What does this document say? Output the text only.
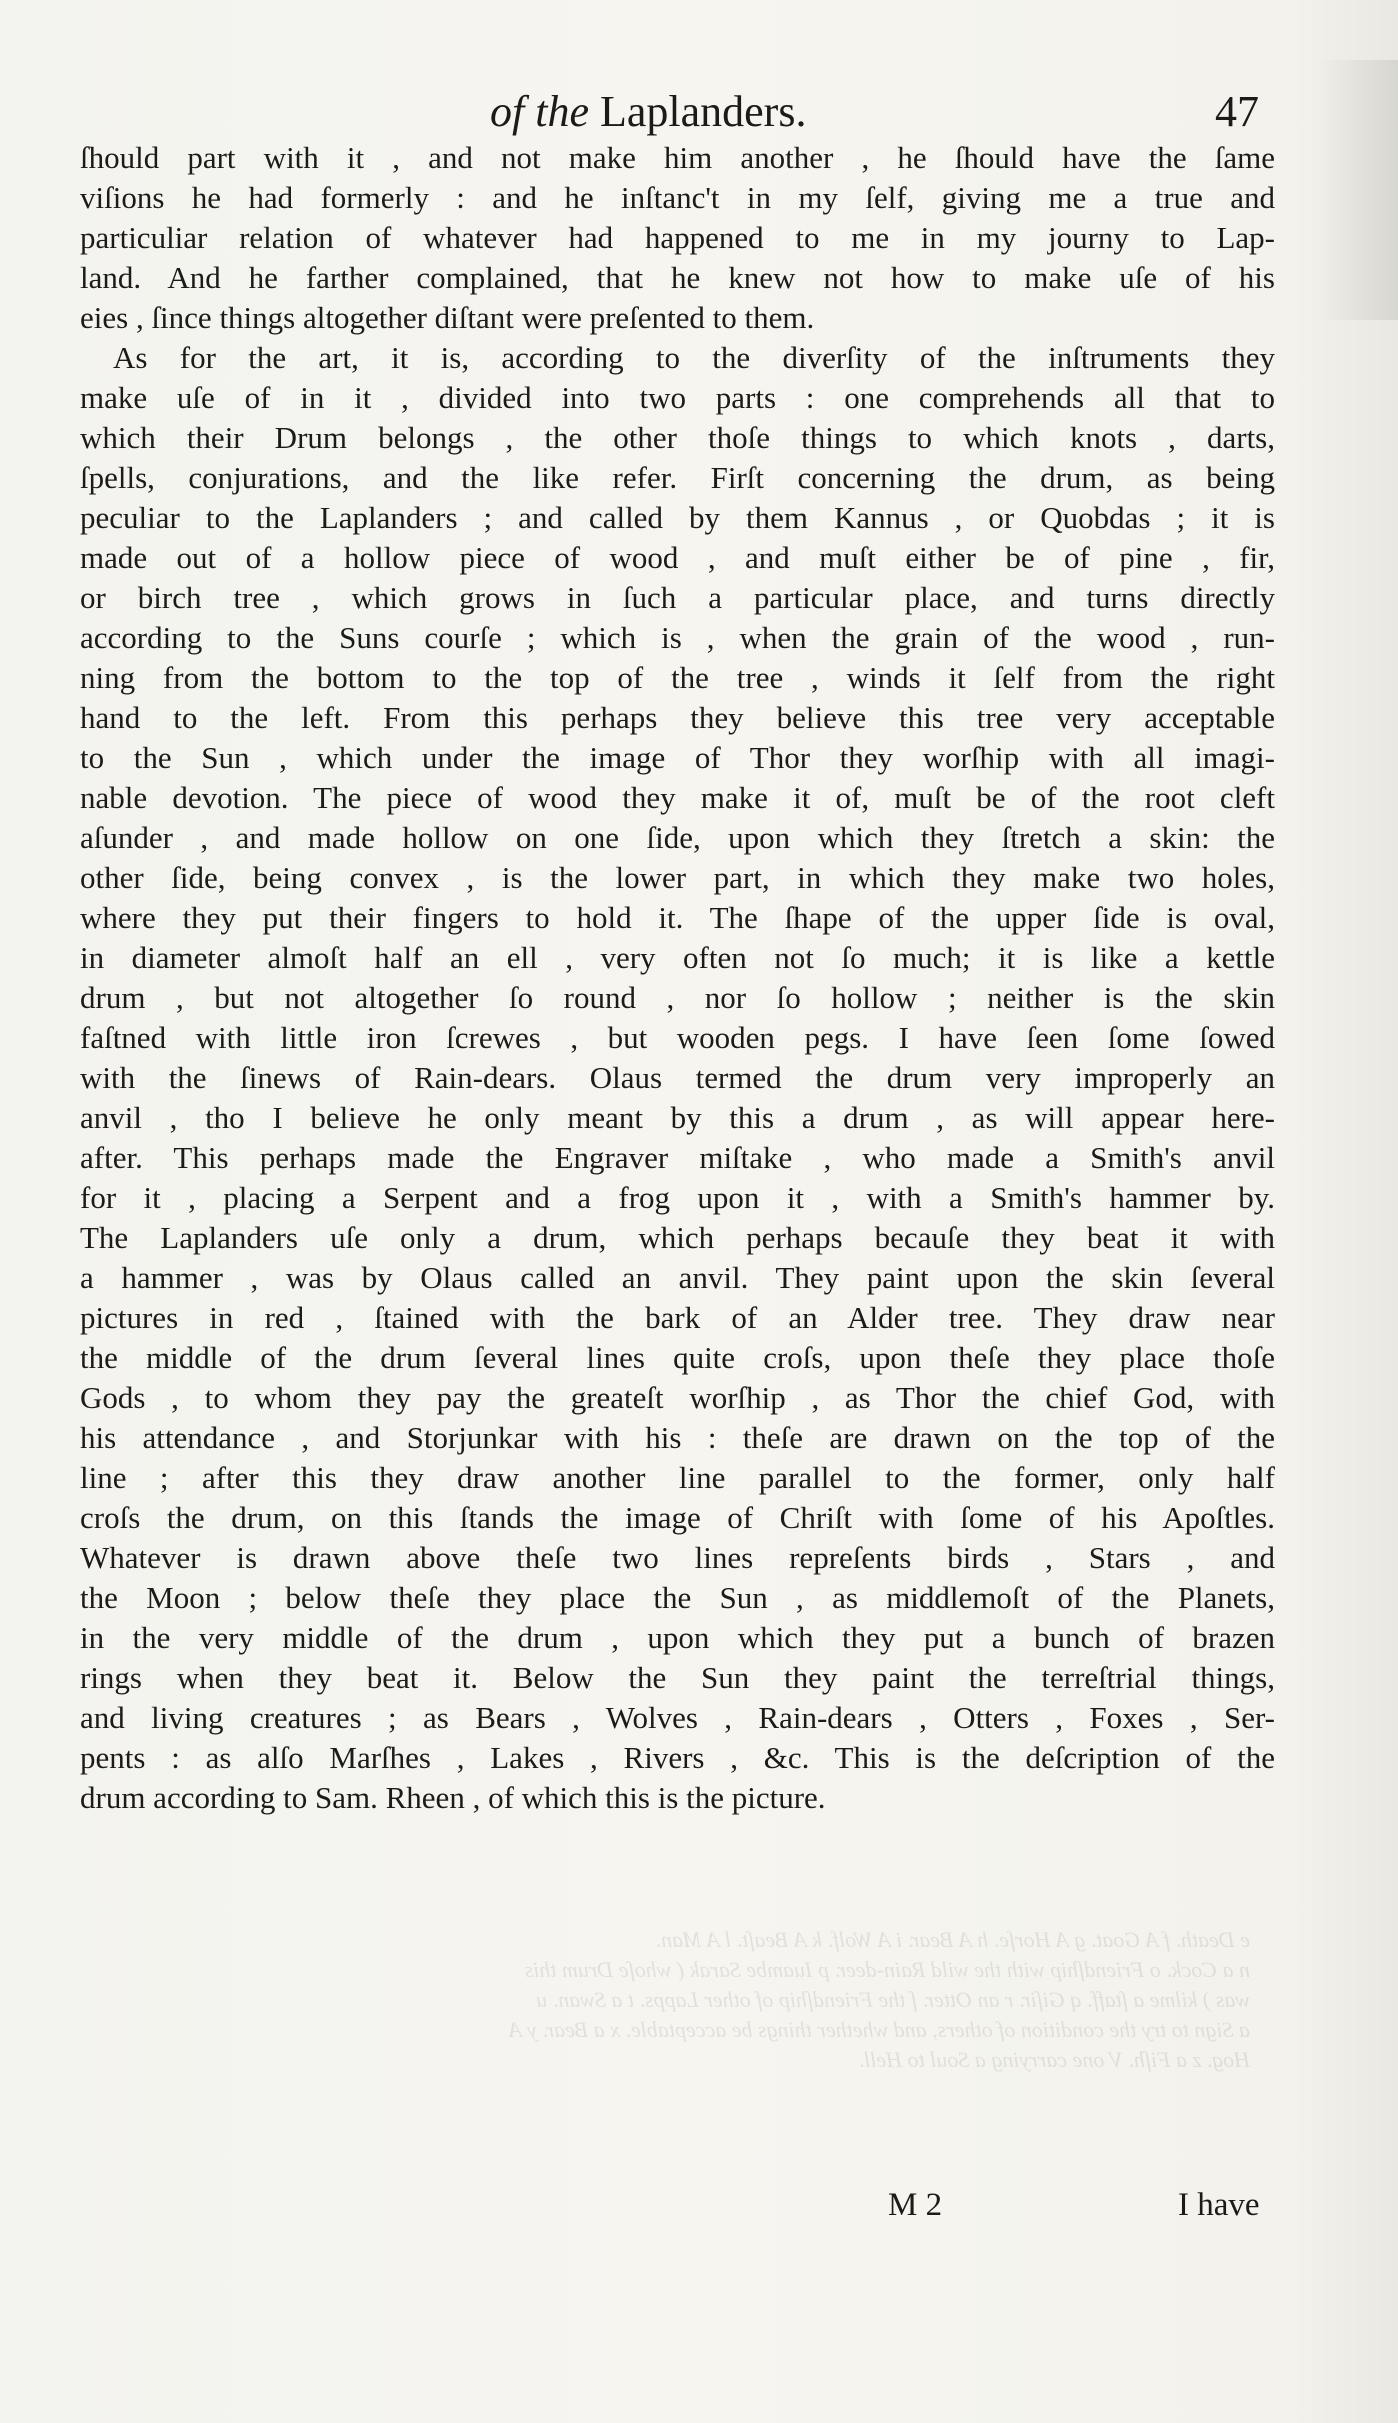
of the Laplanders.	47
ſhould part with it , and not make him another , he ſhould have the ſame
viſions he had formerly : and he inſtanc't in my ſelf, giving me a true and
particuliar relation of whatever had happened to me in my journy to Lap-
land. And he farther complained, that he knew not how to make uſe of his
eies , ſince things altogether diſtant were preſented to them.
As for the art, it is, according to the diverſity of the inſtruments they
make uſe of in it , divided into two parts : one comprehends all that to
which their Drum belongs , the other thoſe things to which knots , darts,
ſpells, conjurations, and the like refer. Firſt concerning the drum, as being
peculiar to the Laplanders ; and called by them Kannus , or Quobdas ; it is
made out of a hollow piece of wood , and muſt either be of pine , fir,
or birch tree , which grows in ſuch a particular place, and turns directly
according to the Suns courſe ; which is , when the grain of the wood , run-
ning from the bottom to the top of the tree , winds it ſelf from the right
hand to the left. From this perhaps they believe this tree very acceptable
to the Sun , which under the image of Thor they worſhip with all imagi-
nable devotion. The piece of wood they make it of, muſt be of the root cleft
aſunder , and made hollow on one ſide, upon which they ſtretch a skin: the
other ſide, being convex , is the lower part, in which they make two holes,
where they put their fingers to hold it. The ſhape of the upper ſide is oval,
in diameter almoſt half an ell , very often not ſo much; it is like a kettle
drum , but not altogether ſo round , nor ſo hollow ; neither is the skin
faſtned with little iron ſcrewes , but wooden pegs. I have ſeen ſome ſowed
with the ſinews of Rain-dears. Olaus termed the drum very improperly an
anvil , tho I believe he only meant by this a drum , as will appear here-
after. This perhaps made the Engraver miſtake , who made a Smith's anvil
for it , placing a Serpent and a frog upon it , with a Smith's hammer by.
The Laplanders uſe only a drum, which perhaps becauſe they beat it with
a hammer , was by Olaus called an anvil. They paint upon the skin ſeveral
pictures in red , ſtained with the bark of an Alder tree. They draw near
the middle of the drum ſeveral lines quite croſs, upon theſe they place thoſe
Gods , to whom they pay the greateſt worſhip , as Thor the chief God, with
his attendance , and Storjunkar with his : theſe are drawn on the top of the
line ; after this they draw another line parallel to the former, only half
croſs the drum, on this ſtands the image of Chriſt with ſome of his Apoſtles.
Whatever is drawn above theſe two lines repreſents birds , Stars , and
the Moon ; below theſe they place the Sun , as middlemoſt of the Planets,
in the very middle of the drum , upon which they put a bunch of brazen
rings when they beat it. Below the Sun they paint the terreſtrial things,
and living creatures ; as Bears , Wolves , Rain-dears , Otters , Foxes , Ser-
pents : as alſo Marſhes , Lakes , Rivers , &c. This is the deſcription of the
drum according to Sam. Rheen , of which this is the picture.
e Death. f A Goat. g A Horſe. h A Bear. i A Wolf. k A Beaſt. l A Man.
n a Cock. o Friendſhip with the wild Rain-deer. p Iuambe Sarak ( whoſe Drum this
was ) kilme a ſtaff. q Giſir. r an Otter. ſ the Friendſhip of other Lapps. t a Swan. u
a Sign to try the condition of others, and whether things be acceptable. x a Bear. y A
Hog. z a Fiſh. V one carrying a Soul to Hell.
M 2	I have
